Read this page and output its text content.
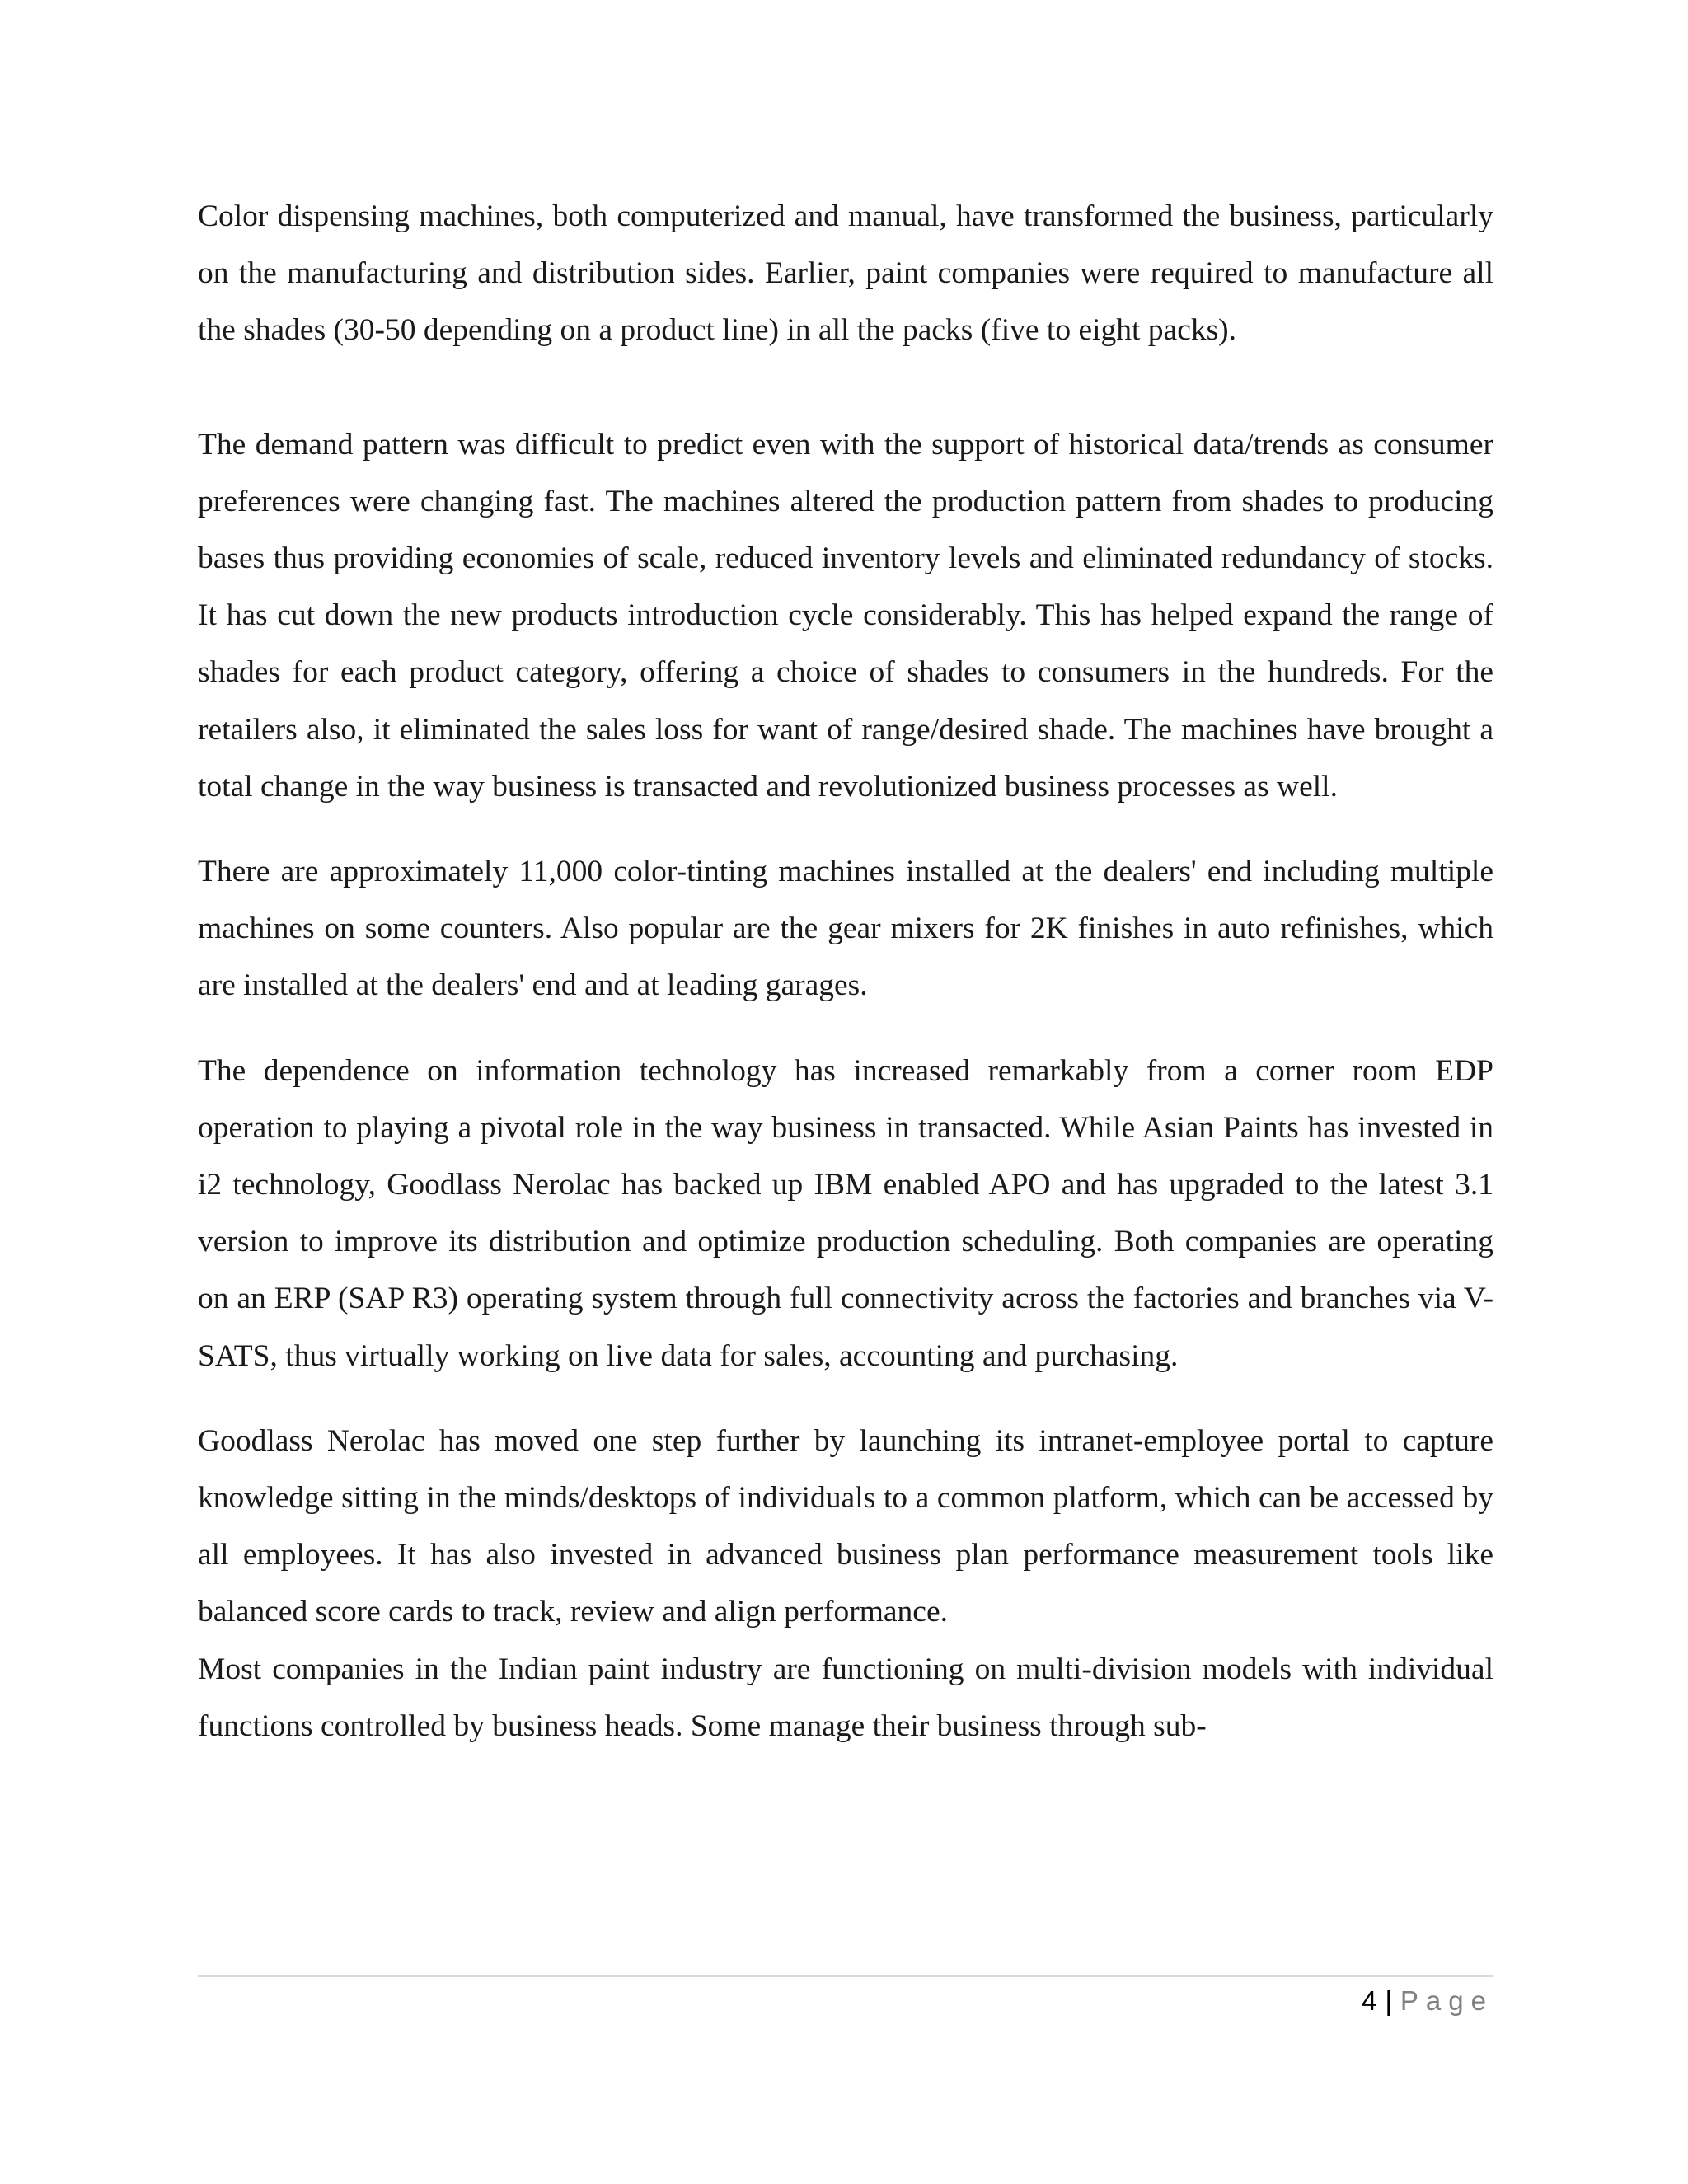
Color dispensing machines, both computerized and manual, have transformed the business, particularly on the manufacturing and distribution sides. Earlier, paint companies were required to manufacture all the shades (30-50 depending on a product line) in all the packs (five to eight packs).

The demand pattern was difficult to predict even with the support of historical data/trends as consumer preferences were changing fast. The machines altered the production pattern from shades to producing bases thus providing economies of scale, reduced inventory levels and eliminated redundancy of stocks. It has cut down the new products introduction cycle considerably. This has helped expand the range of shades for each product category, offering a choice of shades to consumers in the hundreds. For the retailers also, it eliminated the sales loss for want of range/desired shade. The machines have brought a total change in the way business is transacted and revolutionized business processes as well.

There are approximately 11,000 color-tinting machines installed at the dealers' end including multiple machines on some counters. Also popular are the gear mixers for 2K finishes in auto refinishes, which are installed at the dealers' end and at leading garages.

The dependence on information technology has increased remarkably from a corner room EDP operation to playing a pivotal role in the way business in transacted. While Asian Paints has invested in i2 technology, Goodlass Nerolac has backed up IBM enabled APO and has upgraded to the latest 3.1 version to improve its distribution and optimize production scheduling. Both companies are operating on an ERP (SAP R3) operating system through full connectivity across the factories and branches via V-SATS, thus virtually working on live data for sales, accounting and purchasing.

Goodlass Nerolac has moved one step further by launching its intranet-employee portal to capture knowledge sitting in the minds/desktops of individuals to a common platform, which can be accessed by all employees. It has also invested in advanced business plan performance measurement tools like balanced score cards to track, review and align performance.

Most companies in the Indian paint industry are functioning on multi-division models with individual functions controlled by business heads. Some manage their business through sub-

4 | Page
